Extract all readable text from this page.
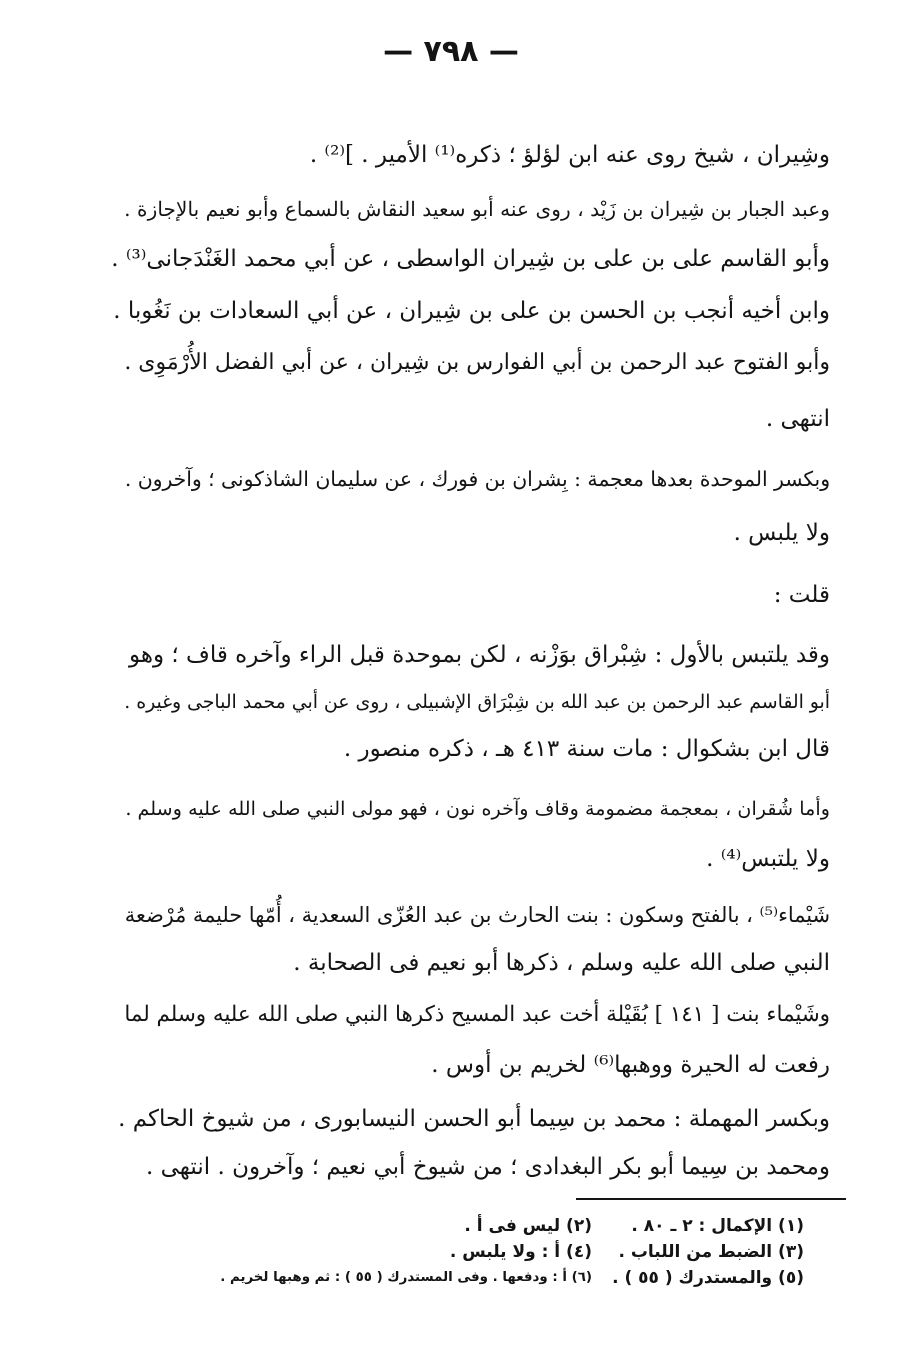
— ٧٩٨ —
وشِيران ، شيخ روى عنه ابن لؤلؤ ؛ ذكره⁽¹⁾ الأمير . ]⁽²⁾ .
وعبد الجبار بن شِيران بن زَيْد ، روى عنه أبو سعيد النقاش بالسماع وأبو نعيم بالإجازة .
وأبو القاسم على بن على بن شِيران الواسطى ، عن أبي محمد الغَنْدَجانى⁽³⁾ .
وابن أخيه أنجب بن الحسن بن على بن شِيران ، عن أبي السعادات بن نَغُوبا .
وأبو الفتوح عبد الرحمن بن أبي الفوارس بن شِيران ، عن أبي الفضل الأُرْمَوِى .
انتهى .
وبكسر الموحدة بعدها معجمة : بِشران بن فورك ، عن سليمان الشاذكونى ؛ وآخرون .
ولا يلبس .
قلت :
وقد يلتبس بالأول : شِبْراق بوَزْنه ، لكن بموحدة قبل الراء وآخره قاف ؛ وهو
أبو القاسم عبد الرحمن بن عبد الله بن شِبْرَاق الإشبيلى ، روى عن أبي محمد الباجى وغيره .
قال ابن بشكوال : مات سنة ٤١٣ هـ ، ذكره منصور .
وأما شُقران ، بمعجمة مضمومة وقاف وآخره نون ، فهو مولى النبي صلى الله عليه وسلم .
ولا يلتبس⁽⁴⁾ .
شَيْماء⁽⁵⁾ ، بالفتح وسكون : بنت الحارث بن عبد العُزّى السعدية ، أُمّها حليمة مُرْضعة
النبي صلى الله عليه وسلم ، ذكرها أبو نعيم فى الصحابة .
وشَيْماء بنت [ ١٤١ ] بُقَيْلة أخت عبد المسيح ذكرها النبي صلى الله عليه وسلم لما
رفعت له الحيرة ووهبها⁽⁶⁾ لخريم بن أوس .
وبكسر المهملة : محمد بن سِيما أبو الحسن النيسابورى ، من شيوخ الحاكم .
ومحمد بن سِيما أبو بكر البغدادى ؛ من شيوخ أبي نعيم ؛ وآخرون . انتهى .
(١) الإكمال : ٢ ـ ٨٠ .
(٢) ليس فى أ .
(٣) الضبط من اللباب .
(٤) أ : ولا يلبس .
(٥) والمستدرك ( ٥٥ ) .
(٦) أ : ودفعها . وفى المستدرك ( ٥٥ ) : ثم وهبها لخريم .
